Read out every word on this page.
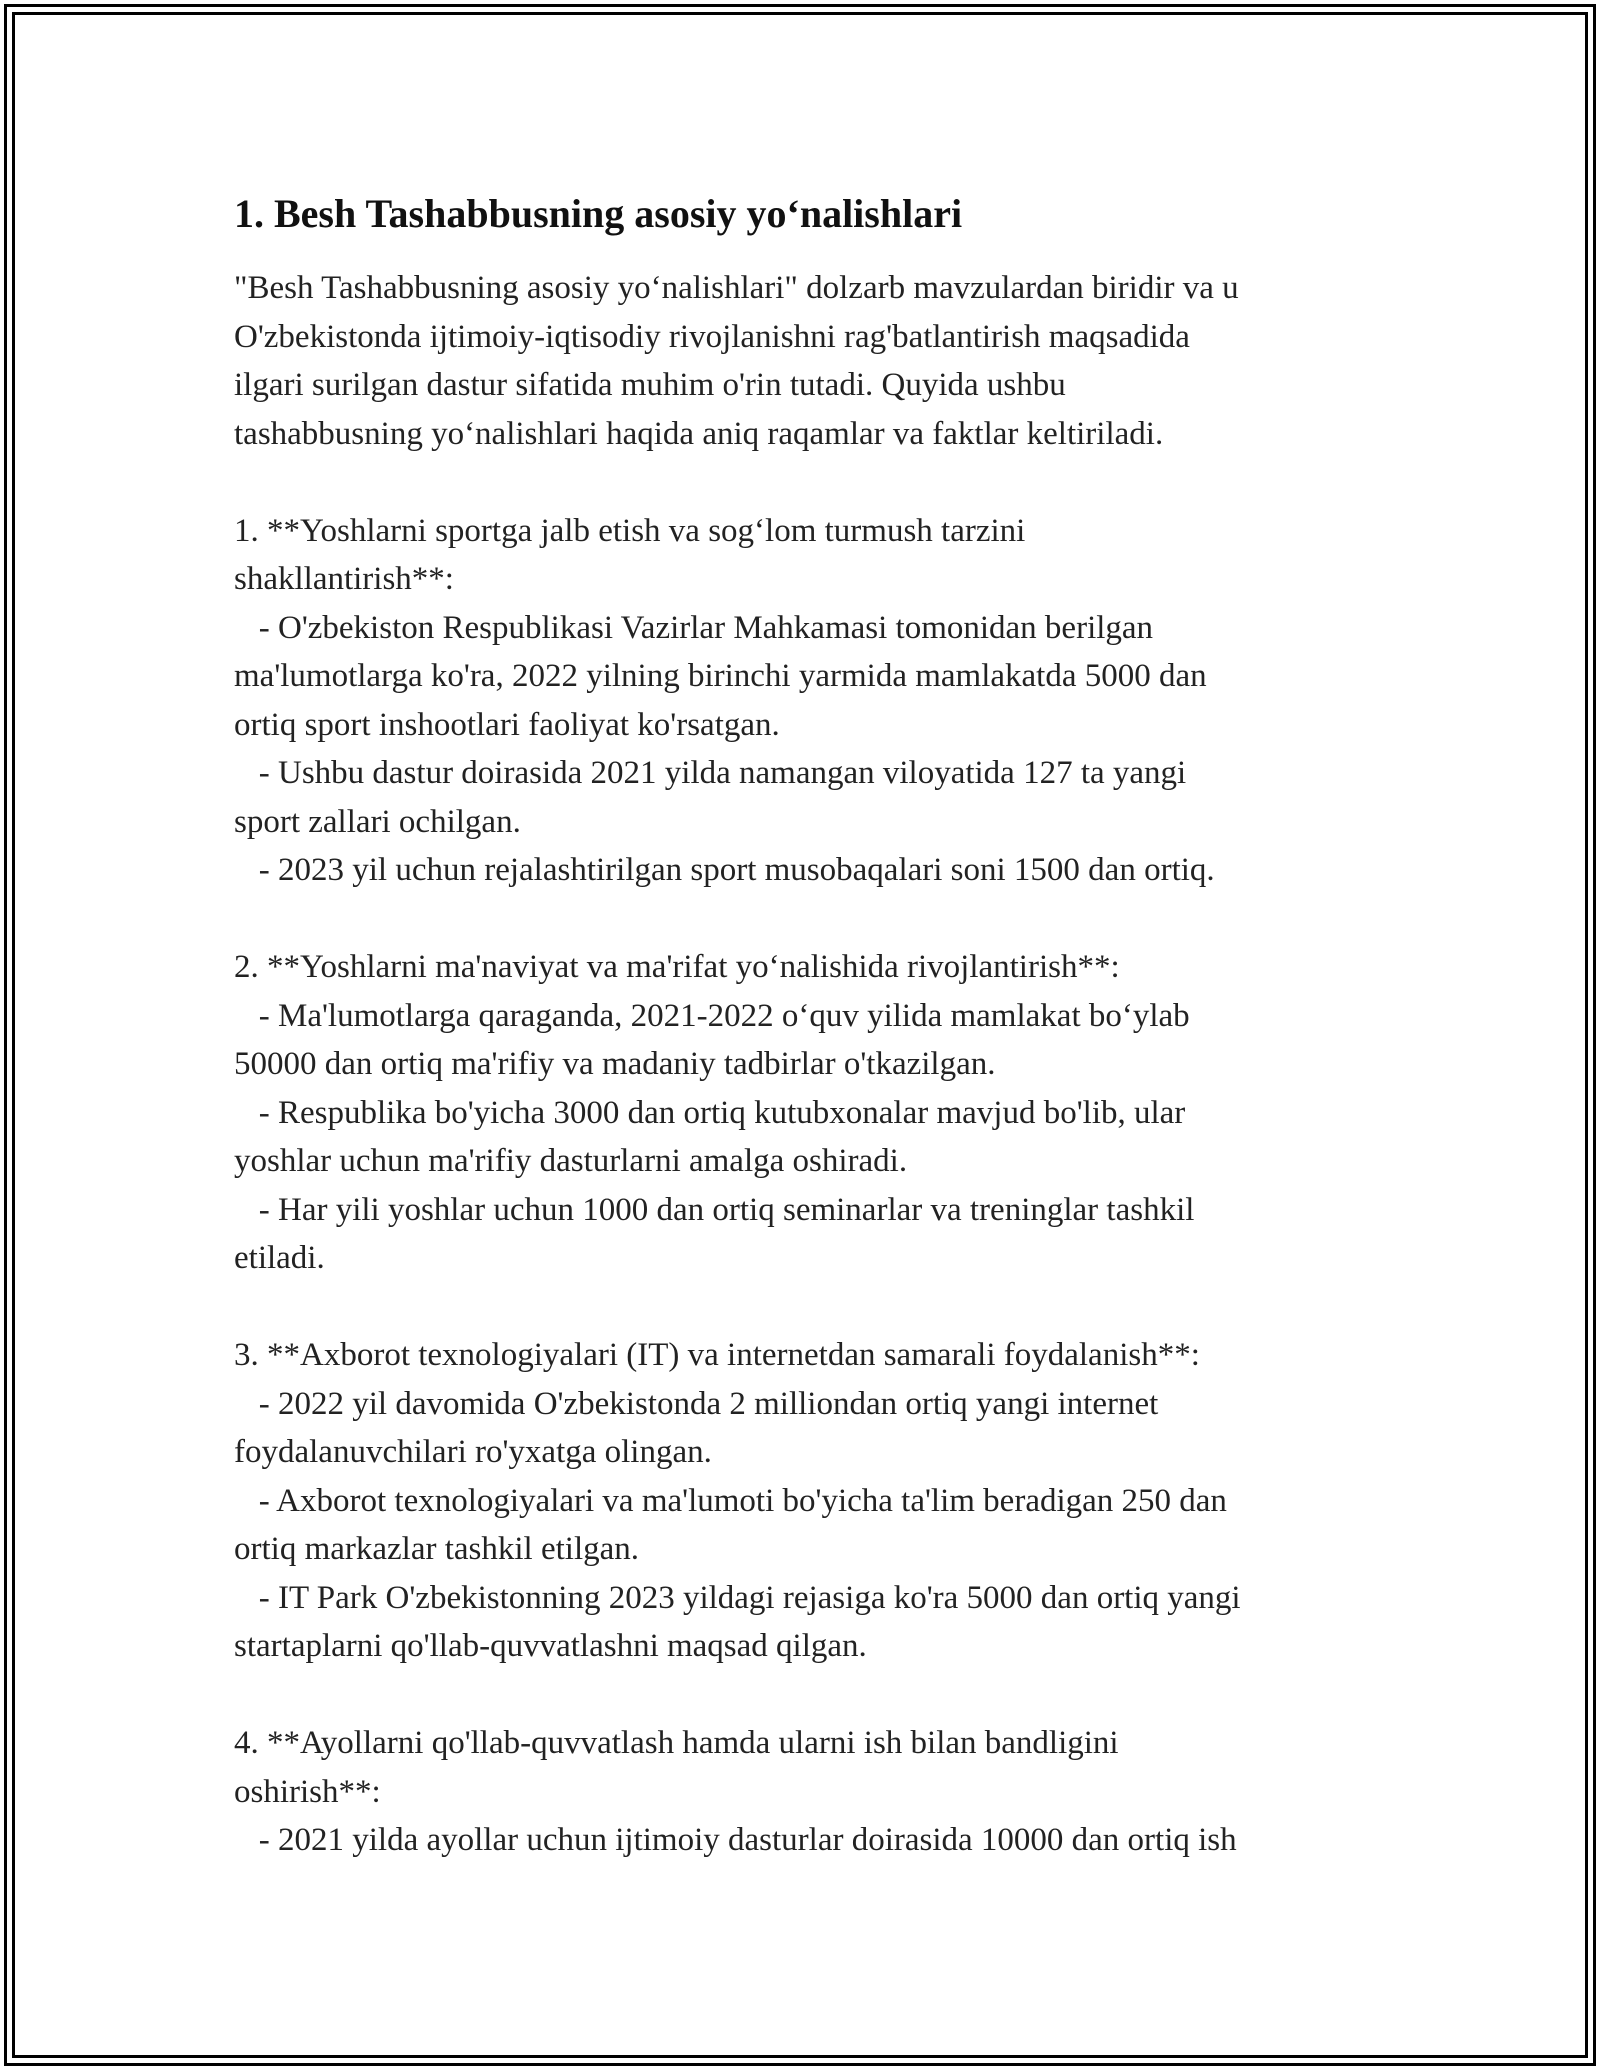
1. Besh Tashabbusning asosiy yo‘nalishlari
"Besh Tashabbusning asosiy yo‘nalishlari" dolzarb mavzulardan biridir va u
O'zbekistonda ijtimoiy-iqtisodiy rivojlanishni rag'batlantirish maqsadida
ilgari surilgan dastur sifatida muhim o'rin tutadi. Quyida ushbu
tashabbusning yo‘nalishlari haqida aniq raqamlar va faktlar keltiriladi.
1. **Yoshlarni sportga jalb etish va sog‘lom turmush tarzini
shakllantirish**:
- O'zbekiston Respublikasi Vazirlar Mahkamasi tomonidan berilgan
ma'lumotlarga ko'ra, 2022 yilning birinchi yarmida mamlakatda 5000 dan
ortiq sport inshootlari faoliyat ko'rsatgan.
- Ushbu dastur doirasida 2021 yilda namangan viloyatida 127 ta yangi
sport zallari ochilgan.
- 2023 yil uchun rejalashtirilgan sport musobaqalari soni 1500 dan ortiq.
2. **Yoshlarni ma'naviyat va ma'rifat yo‘nalishida rivojlantirish**:
- Ma'lumotlarga qaraganda, 2021-2022 o‘quv yilida mamlakat bo‘ylab
50000 dan ortiq ma'rifiy va madaniy tadbirlar o'tkazilgan.
- Respublika bo'yicha 3000 dan ortiq kutubxonalar mavjud bo'lib, ular
yoshlar uchun ma'rifiy dasturlarni amalga oshiradi.
- Har yili yoshlar uchun 1000 dan ortiq seminarlar va treninglar tashkil
etiladi.
3. **Axborot texnologiyalari (IT) va internetdan samarali foydalanish**:
- 2022 yil davomida O'zbekistonda 2 milliondan ortiq yangi internet
foydalanuvchilari ro'yxatga olingan.
- Axborot texnologiyalari va ma'lumoti bo'yicha ta'lim beradigan 250 dan
ortiq markazlar tashkil etilgan.
- IT Park O'zbekistonning 2023 yildagi rejasiga ko'ra 5000 dan ortiq yangi
startaplarni qo'llab-quvvatlashni maqsad qilgan.
4. **Ayollarni qo'llab-quvvatlash hamda ularni ish bilan bandligini
oshirish**:
- 2021 yilda ayollar uchun ijtimoiy dasturlar doirasida 10000 dan ortiq ish
